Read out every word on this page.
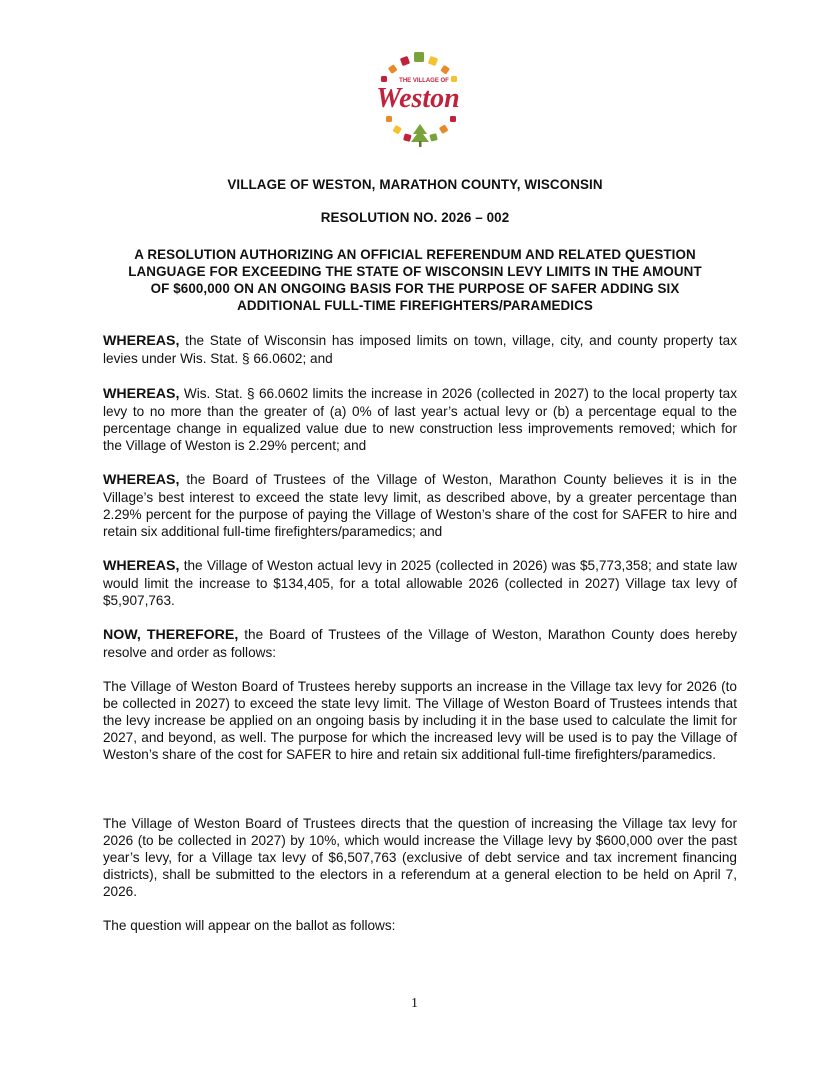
THE VILLAGE OF
Weston
VILLAGE OF WESTON, MARATHON COUNTY, WISCONSIN
RESOLUTION NO. 2026 – 002
A RESOLUTION AUTHORIZING AN OFFICIAL REFERENDUM AND RELATED QUESTION
LANGUAGE FOR EXCEEDING THE STATE OF WISCONSIN LEVY LIMITS IN THE AMOUNT
OF $600,000 ON AN ONGOING BASIS FOR THE PURPOSE OF SAFER ADDING SIX
ADDITIONAL FULL-TIME FIREFIGHTERS/PARAMEDICS

WHEREAS, the State of Wisconsin has imposed limits on town, village, city, and county property tax levies under Wis. Stat. § 66.0602; and

WHEREAS, Wis. Stat. § 66.0602 limits the increase in 2026 (collected in 2027) to the local property tax levy to no more than the greater of (a) 0% of last year’s actual levy or (b) a percentage equal to the percentage change in equalized value due to new construction less improvements removed; which for the Village of Weston is 2.29% percent; and

WHEREAS, the Board of Trustees of the Village of Weston, Marathon County believes it is in the Village’s best interest to exceed the state levy limit, as described above, by a greater percentage than 2.29% percent for the purpose of paying the Village of Weston’s share of the cost for SAFER to hire and retain six additional full-time firefighters/paramedics; and

WHEREAS, the Village of Weston actual levy in 2025 (collected in 2026) was $5,773,358; and state law would limit the increase to $134,405, for a total allowable 2026 (collected in 2027) Village tax levy of $5,907,763.

NOW, THEREFORE, the Board of Trustees of the Village of Weston, Marathon County does hereby resolve and order as follows:

The Village of Weston Board of Trustees hereby supports an increase in the Village tax levy for 2026 (to be collected in 2027) to exceed the state levy limit. The Village of Weston Board of Trustees intends that the levy increase be applied on an ongoing basis by including it in the base used to calculate the limit for 2027, and beyond, as well. The purpose for which the increased levy will be used is to pay the Village of Weston’s share of the cost for SAFER to hire and retain six additional full-time firefighters/paramedics.

The Village of Weston Board of Trustees directs that the question of increasing the Village tax levy for 2026 (to be collected in 2027) by 10%, which would increase the Village levy by $600,000 over the past year’s levy, for a Village tax levy of $6,507,763 (exclusive of debt service and tax increment financing districts), shall be submitted to the electors in a referendum at a general election to be held on April 7, 2026.

The question will appear on the ballot as follows:

1
